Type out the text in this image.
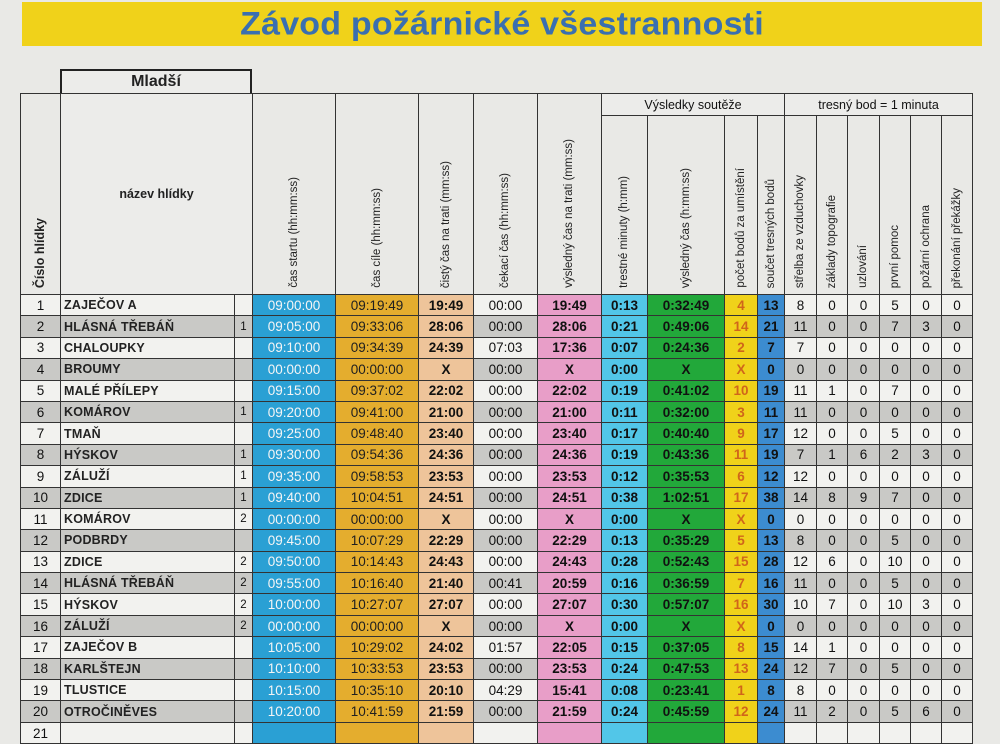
Závod požárnické všestrannosti
Mladší
Číslo hlídky	název hlídky		čas startu (hh:mm:ss)	čas cíle (hh:mm:ss)	čistý čas na trati (mm:ss)	čekací čas (hh:mm:ss)	výsledný čas na trati (mm:ss)	Výsledky soutěže				tresný bod = 1 minuta					

								trestné minuty (h:mm)	výsledný čas (h:mm:ss)	počet bodů za umístění	součet tresných bodů	střelba ze vzduchovky	základy topografie	uzlování	první pomoc	požární ochrana	překonání překážky

1	ZAJEČOV A		09:00:00	09:19:49	19:49	00:00	19:49	0:13	0:32:49	4	13	8	0	0	5	0	0
2	HLÁSNÁ TŘEBÁŇ	1	09:05:00	09:33:06	28:06	00:00	28:06	0:21	0:49:06	14	21	11	0	0	7	3	0
3	CHALOUPKY		09:10:00	09:34:39	24:39	07:03	17:36	0:07	0:24:36	2	7	7	0	0	0	0	0
4	BROUMY		00:00:00	00:00:00	X	00:00	X	0:00	X	X	0	0	0	0	0	0	0
5	MALÉ PŘÍLEPY		09:15:00	09:37:02	22:02	00:00	22:02	0:19	0:41:02	10	19	11	1	0	7	0	0
6	KOMÁROV	1	09:20:00	09:41:00	21:00	00:00	21:00	0:11	0:32:00	3	11	11	0	0	0	0	0
7	TMAŇ		09:25:00	09:48:40	23:40	00:00	23:40	0:17	0:40:40	9	17	12	0	0	5	0	0
8	HÝSKOV	1	09:30:00	09:54:36	24:36	00:00	24:36	0:19	0:43:36	11	19	7	1	6	2	3	0
9	ZÁLUŽÍ	1	09:35:00	09:58:53	23:53	00:00	23:53	0:12	0:35:53	6	12	12	0	0	0	0	0
10	ZDICE	1	09:40:00	10:04:51	24:51	00:00	24:51	0:38	1:02:51	17	38	14	8	9	7	0	0
11	KOMÁROV	2	00:00:00	00:00:00	X	00:00	X	0:00	X	X	0	0	0	0	0	0	0
12	PODBRDY		09:45:00	10:07:29	22:29	00:00	22:29	0:13	0:35:29	5	13	8	0	0	5	0	0
13	ZDICE	2	09:50:00	10:14:43	24:43	00:00	24:43	0:28	0:52:43	15	28	12	6	0	10	0	0
14	HLÁSNÁ TŘEBÁŇ	2	09:55:00	10:16:40	21:40	00:41	20:59	0:16	0:36:59	7	16	11	0	0	5	0	0
15	HÝSKOV	2	10:00:00	10:27:07	27:07	00:00	27:07	0:30	0:57:07	16	30	10	7	0	10	3	0
16	ZÁLUŽÍ	2	00:00:00	00:00:00	X	00:00	X	0:00	X	X	0	0	0	0	0	0	0
17	ZAJEČOV B		10:05:00	10:29:02	24:02	01:57	22:05	0:15	0:37:05	8	15	14	1	0	0	0	0
18	KARLŠTEJN		10:10:00	10:33:53	23:53	00:00	23:53	0:24	0:47:53	13	24	12	7	0	5	0	0
19	TLUSTICE		10:15:00	10:35:10	20:10	04:29	15:41	0:08	0:23:41	1	8	8	0	0	0	0	0
20	OTROČINĚVES		10:20:00	10:41:59	21:59	00:00	21:59	0:24	0:45:59	12	24	11	2	0	5	6	0
21																	
